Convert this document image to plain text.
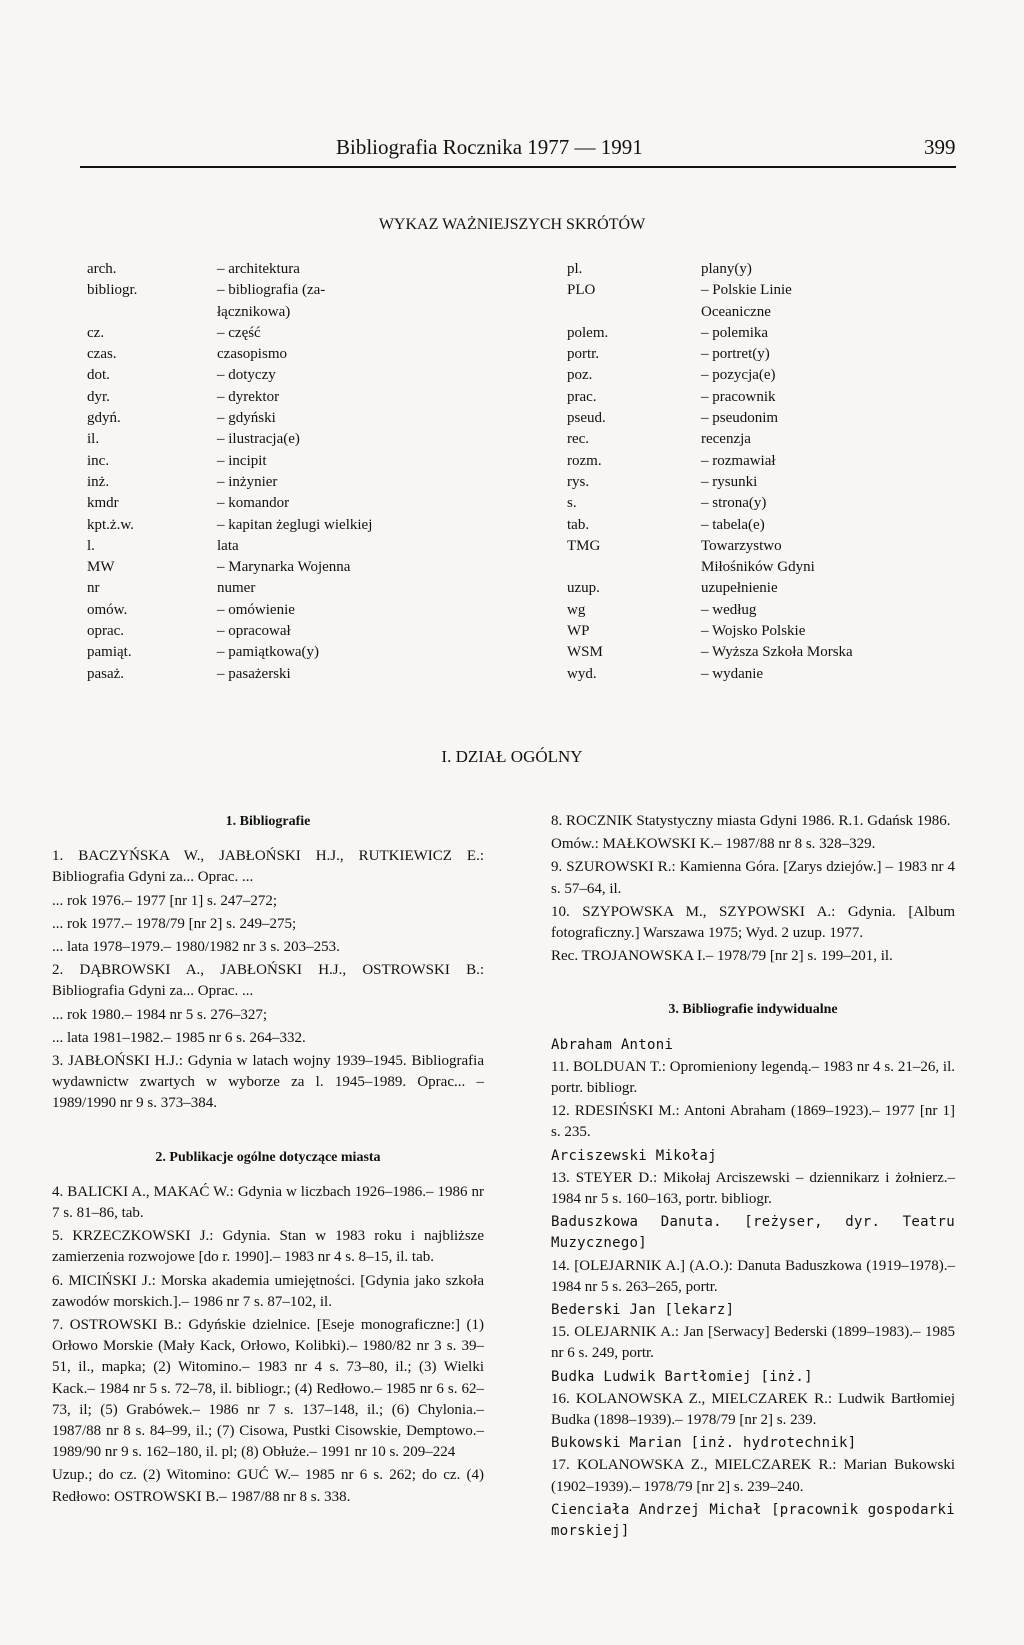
Bibliografia Rocznika 1977 — 1991	399
WYKAZ WAŻNIEJSZYCH SKRÓTÓW
arch.	– architektura
bibliogr.	– bibliografia (za-
łącznikowa)
cz.	– część
czas.	czasopismo
dot.	– dotyczy
dyr.	– dyrektor
gdyń.	– gdyński
il.	– ilustracja(e)
inc.	– incipit
inż.	– inżynier
kmdr	– komandor
kpt.ż.w.	– kapitan żeglugi wielkiej
l.	lata
MW	– Marynarka Wojenna
nr	numer
omów.	– omówienie
oprac.	– opracował
pamiąt.	– pamiątkowa(y)
pasaż.	– pasażerski
pl.	plany(y)
PLO	– Polskie Linie
Oceaniczne
polem.	– polemika
portr.	– portret(y)
poz.	– pozycja(e)
prac.	– pracownik
pseud.	– pseudonim
rec.	recenzja
rozm.	– rozmawiał
rys.	– rysunki
s.	– strona(y)
tab.	– tabela(e)
TMG	Towarzystwo
Miłośników Gdyni
uzup.	uzupełnienie
wg	– według
WP	– Wojsko Polskie
WSM	– Wyższa Szkoła Morska
wyd.	– wydanie
I. DZIAŁ OGÓLNY
1. Bibliografie
1. BACZYŃSKA W., JABŁOŃSKI H.J., RUTKIEWICZ E.: Bibliografia Gdyni za... Oprac. ...
... rok 1976.– 1977 [nr 1] s. 247–272;
... rok 1977.– 1978/79 [nr 2] s. 249–275;
... lata 1978–1979.– 1980/1982 nr 3 s. 203–253.
2. DĄBROWSKI A., JABŁOŃSKI H.J., OSTROWSKI B.: Bibliografia Gdyni za... Oprac. ...
... rok 1980.– 1984 nr 5 s. 276–327;
... lata 1981–1982.– 1985 nr 6 s. 264–332.
3. JABŁOŃSKI H.J.: Gdynia w latach wojny 1939–1945. Bibliografia wydawnictw zwartych w wyborze za l. 1945–1989. Oprac... – 1989/1990 nr 9 s. 373–384.
2. Publikacje ogólne dotyczące miasta
4. BALICKI A., MAKAĆ W.: Gdynia w liczbach 1926–1986.– 1986 nr 7 s. 81–86, tab.
5. KRZECZKOWSKI J.: Gdynia. Stan w 1983 roku i najbliższe zamierzenia rozwojowe [do r. 1990].– 1983 nr 4 s. 8–15, il. tab.
6. MICIŃSKI J.: Morska akademia umiejętności. [Gdynia jako szkoła zawodów morskich.].– 1986 nr 7 s. 87–102, il.
7. OSTROWSKI B.: Gdyńskie dzielnice. [Eseje monograficzne:] (1) Orłowo Morskie (Mały Kack, Orłowo, Kolibki).– 1980/82 nr 3 s. 39–51, il., mapka; (2) Witomino.– 1983 nr 4 s. 73–80, il.; (3) Wielki Kack.– 1984 nr 5 s. 72–78, il. bibliogr.; (4) Redłowo.– 1985 nr 6 s. 62–73, il; (5) Grabówek.– 1986 nr 7 s. 137–148, il.; (6) Chylonia.– 1987/88 nr 8 s. 84–99, il.; (7) Cisowa, Pustki Cisowskie, Demptowo.– 1989/90 nr 9 s. 162–180, il. pl; (8) Obłuże.– 1991 nr 10 s. 209–224
Uzup.; do cz. (2) Witomino: GUĆ W.– 1985 nr 6 s. 262; do cz. (4) Redłowo: OSTROWSKI B.– 1987/88 nr 8 s. 338.
8. ROCZNIK Statystyczny miasta Gdyni 1986. R.1. Gdańsk 1986.
Omów.: MAŁKOWSKI K.– 1987/88 nr 8 s. 328–329.
9. SZUROWSKI R.: Kamienna Góra. [Zarys dziejów.] – 1983 nr 4 s. 57–64, il.
10. SZYPOWSKA M., SZYPOWSKI A.: Gdynia. [Album fotograficzny.] Warszawa 1975; Wyd. 2 uzup. 1977.
Rec. TROJANOWSKA I.– 1978/79 [nr 2] s. 199–201, il.
3. Bibliografie indywidualne
Abraham Antoni
11. BOLDUAN T.: Opromieniony legendą.– 1983 nr 4 s. 21–26, il. portr. bibliogr.
12. RDESIŃSKI M.: Antoni Abraham (1869–1923).– 1977 [nr 1] s. 235.
Arciszewski Mikołaj
13. STEYER D.: Mikołaj Arciszewski – dziennikarz i żołnierz.– 1984 nr 5 s. 160–163, portr. bibliogr.
Baduszkowa Danuta. [reżyser, dyr. Teatru Muzycznego]
14. [OLEJARNIK A.] (A.O.): Danuta Baduszkowa (1919–1978).– 1984 nr 5 s. 263–265, portr.
Bederski Jan [lekarz]
15. OLEJARNIK A.: Jan [Serwacy] Bederski (1899–1983).– 1985 nr 6 s. 249, portr.
Budka Ludwik Bartłomiej [inż.]
16. KOLANOWSKA Z., MIELCZAREK R.: Ludwik Bartłomiej Budka (1898–1939).– 1978/79 [nr 2] s. 239.
Bukowski Marian [inż. hydrotechnik]
17. KOLANOWSKA Z., MIELCZAREK R.: Marian Bukowski (1902–1939).– 1978/79 [nr 2] s. 239–240.
Cienciała Andrzej Michał [pracownik gospodarki morskiej]
